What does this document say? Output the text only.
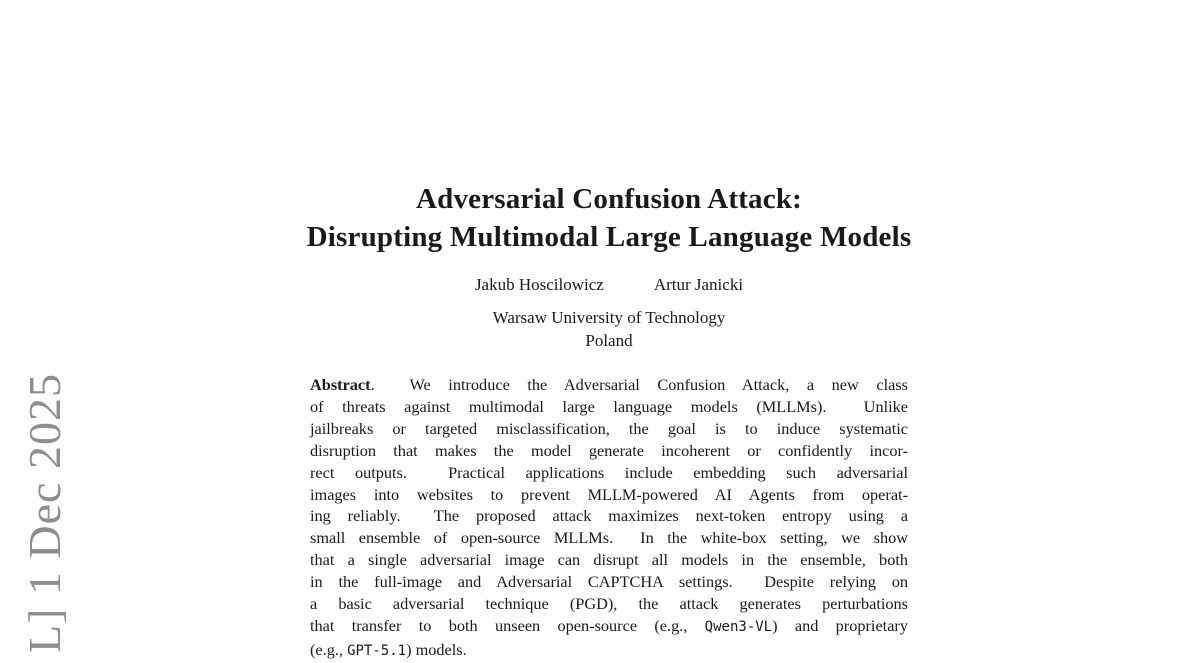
L] 1 Dec 2025
Adversarial Confusion Attack:
Disrupting Multimodal Large Language Models
Jakub Hoscilowicz	Artur Janicki
Warsaw University of Technology
Poland
Abstract.  We introduce the Adversarial Confusion Attack, a new class
of threats against multimodal large language models (MLLMs).  Unlike
jailbreaks or targeted misclassification, the goal is to induce systematic
disruption that makes the model generate incoherent or confidently incor-
rect outputs.  Practical applications include embedding such adversarial
images into websites to prevent MLLM-powered AI Agents from operat-
ing reliably.  The proposed attack maximizes next-token entropy using a
small ensemble of open-source MLLMs.  In the white-box setting, we show
that a single adversarial image can disrupt all models in the ensemble, both
in the full-image and Adversarial CAPTCHA settings.  Despite relying on
a basic adversarial technique (PGD), the attack generates perturbations
that transfer to both unseen open-source (e.g., Qwen3-VL) and proprietary
(e.g., GPT-5.1) models.
